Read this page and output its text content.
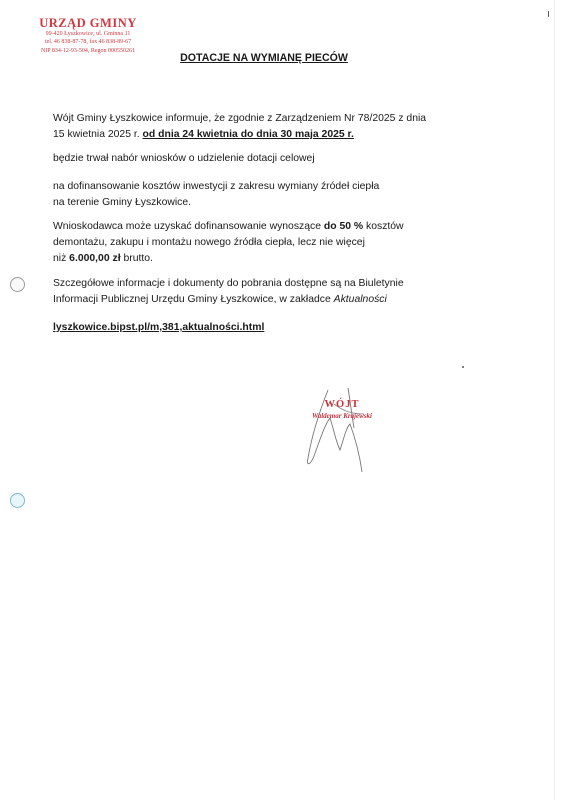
URZĄD GMINY
99-420 Łyszkowice, ul. Gminna 11
tel. 46 838-87-78, fax 46 838-89-67
NIP 834-12-93-504, Regon 000550261
DOTACJE NA WYMIANĘ PIECÓW
Wójt Gminy Łyszkowice informuje, że zgodnie z Zarządzeniem Nr 78/2025 z dnia
15 kwietnia 2025 r. od dnia 24 kwietnia do dnia 30 maja 2025 r.
będzie trwał nabór wniosków o udzielenie dotacji celowej
na dofinansowanie kosztów inwestycji z zakresu wymiany źródeł ciepła
na terenie Gminy Łyszkowice.
Wnioskodawca może uzyskać dofinansowanie wynoszące do 50 % kosztów
demontażu, zakupu i montażu nowego źródła ciepła, lecz nie więcej
niż 6.000,00 zł brutto.
Szczegółowe informacje i dokumenty do pobrania dostępne są na Biuletynie
Informacji Publicznej Urzędu Gminy Łyszkowice, w zakładce Aktualności
lyszkowice.bipst.pl/m,381,aktualności.html
WÓJT
Waldemar Krajewski
